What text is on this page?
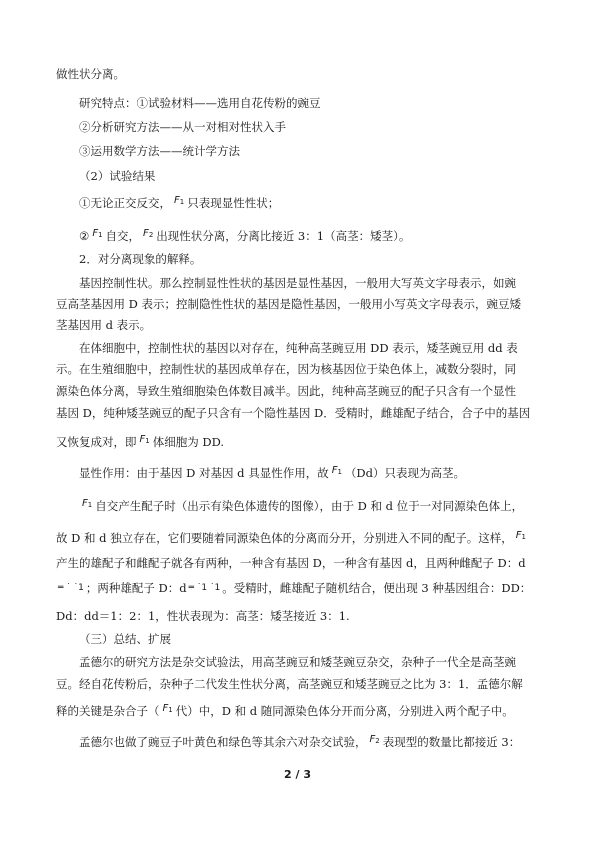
做性状分离。
研究特点：①试验材料——选用自花传粉的豌豆
②分析研究方法——从一对相对性状入手
③运用数学方法——统计学方法
（2）试验结果
①无论正交反交， F1 只表现显性性状；
② F1 自交， F2 出现性状分离，分离比接近 3：1（高茎：矮茎）。
2．对分离现象的解释。
基因控制性状。那么控制显性性状的基因是显性基因，一般用大写英文字母表示，如豌
豆高茎基因用 D 表示；控制隐性性状的基因是隐性基因，一般用小写英文字母表示，豌豆矮
茎基因用 d 表示。
在体细胞中，控制性状的基因以对存在，纯种高茎豌豆用 DD 表示，矮茎豌豆用 dd 表
示。在生殖细胞中，控制性状的基因成单存在，因为核基因位于染色体上，减数分裂时，同
源染色体分离，导致生殖细胞染色体数目减半。因此，纯种高茎豌豆的配子只含有一个显性
基因 D，纯种矮茎豌豆的配子只含有一个隐性基因 D．受精时，雌雄配子结合，合子中的基因
又恢复成对，即 F1 体细胞为 DD.
显性作用：由于基因 D 对基因 d 具显性作用，故 F1 （Dd）只表现为高茎。
F1 自交产生配子时（出示有染色体遗传的图像），由于 D 和 d 位于一对同源染色体上，
故 D 和 d 独立存在，它们要随着同源染色体的分离而分开，分别进入不同的配子。这样， F1
产生的雄配子和雌配子就各有两种，一种含有基因 D，一种含有基因 d，且两种雌配子 D：d
═ ˙ ˙1 ；两种雄配子 D：d ═ ˙1 ˙1 。受精时，雌雄配子随机结合，便出现 3 种基因组合：DD：
Dd：dd＝1：2：1，性状表现为：高茎：矮茎接近 3：1.
（三）总结、扩展
孟德尔的研究方法是杂交试验法，用高茎豌豆和矮茎豌豆杂交，杂种子一代全是高茎豌
豆。经自花传粉后，杂种子二代发生性状分离，高茎豌豆和矮茎豌豆之比为 3：1．孟德尔解
释的关键是杂合子（ F1 代）中，D 和 d 随同源染色体分开而分离，分别进入两个配子中。
孟德尔也做了豌豆子叶黄色和绿色等其余六对杂交试验， F2 表现型的数量比都接近 3：
2 / 3
